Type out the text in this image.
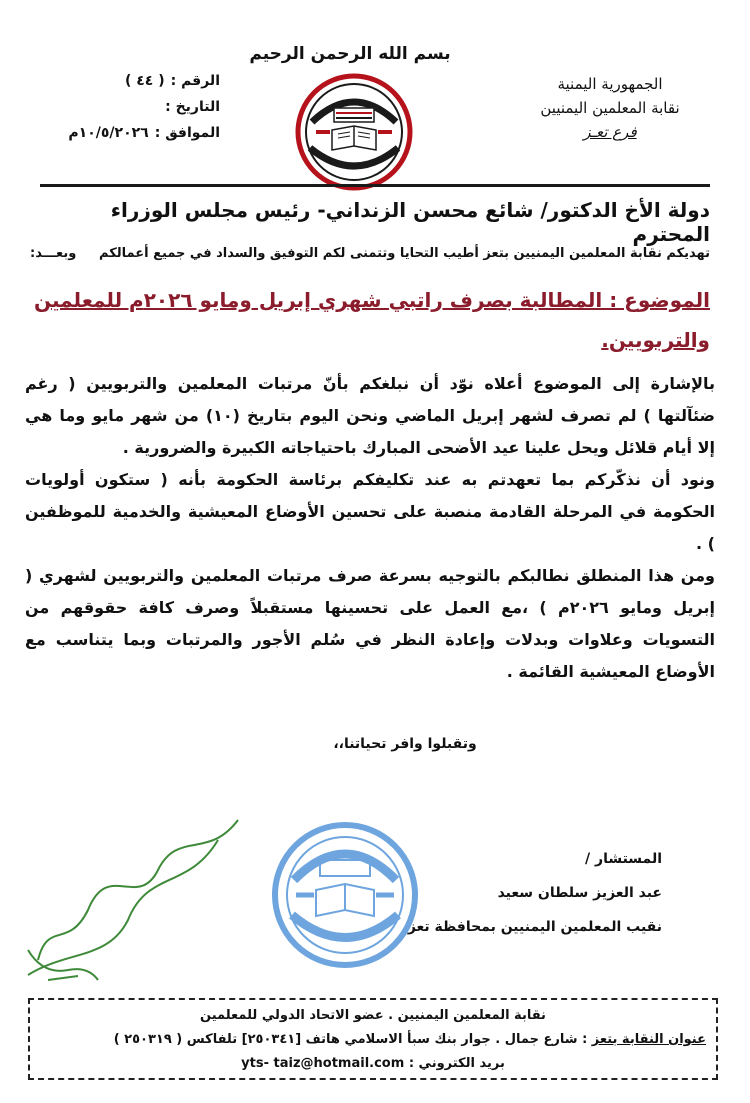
بسم الله الرحمن الرحيم
الجمهورية اليمنية
نقابة المعلمين اليمنيين
فرع تعـز
الرقم :
( ٤٤ )
التاريخ :
الموافق :
١٠/٥/٢٠٢٦م
دولة الأخ الدكتور/ شائع محسن الزنداني- رئيس مجلس الوزراء المحترم
تهديكم نقابة المعلمين اليمنيين بتعز أطيب التحايا وتتمنى لكم التوفيق والسداد في جميع أعمالكم
وبعـــد:
الموضوع : المطالبة بصرف راتبي شهري إبريل ومايو ٢٠٢٦م للمعلمين
والتربويين.

بالإشارة إلى الموضوع أعلاه نوّد أن نبلغكم بأنّ مرتبات المعلمين والتربويين ( رغم ضئآلتها ) لم تصرف لشهر إبريل الماضي ونحن اليوم بتاريخ (١٠) من شهر مايو وما هي إلا أيام قلائل ويحل علينا عيد الأضحى المبارك باحتياجاته الكبيرة والضرورية .

ونود أن نذكّركم بما تعهدتم به عند تكليفكم برئاسة الحكومة بأنه ( ستكون أولويات الحكومة في المرحلة القادمة منصبة على تحسين الأوضاع المعيشية والخدمية للموظفين ) .

ومن هذا المنطلق نطالبكم بالتوجيه بسرعة صرف مرتبات المعلمين والتربويين لشهري ( إبريل ومايو ٢٠٢٦م ) ،مع العمل على تحسينها مستقبلاً وصرف كافة حقوقهم من التسويات وعلاوات وبدلات وإعادة النظر في سُلم الأجور والمرتبات وبما يتناسب مع الأوضاع المعيشية القائمة .

وتقبلوا وافر تحياتنا،،
المستشار /
عبد العزيز سلطان سعيد
نقيب المعلمين اليمنيين بمحافظة تعز
نقابة المعلمين اليمنيين . عضو الاتحاد الدولي للمعلمين
عنوان النقابة بتعز : شارع جمال . جوار بنك سبأ الاسلامي هاتف [٢٥٠٣٤١] تلفاكس ( ٢٥٠٣١٩ )
بريد الكتروني : yts- taiz@hotmail.com
